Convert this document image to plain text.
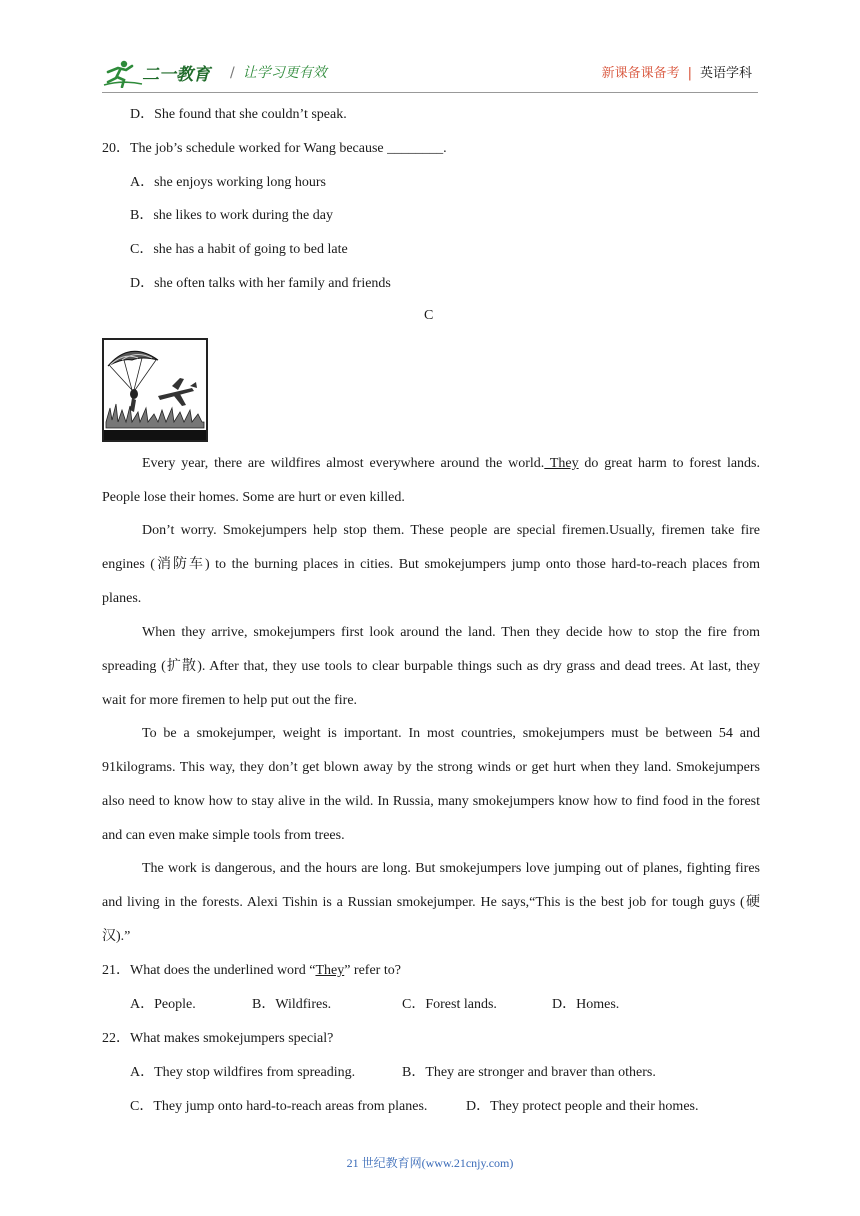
二一教育 / 让学习更有效	新课备课备考 | 英语学科
D．She found that she couldn’t speak.
20．The job’s schedule worked for Wang because ________.
A．she enjoys working long hours
B．she likes to work during the day
C．she has a habit of going to bed late
D．she often talks with her family and friends
C
Every year, there are wildfires almost everywhere around the world. They do great harm to forest lands. People lose their homes. Some are hurt or even killed.
Don’t worry. Smokejumpers help stop them. These people are special firemen.Usually, firemen take fire engines (消防车) to the burning places in cities. But smokejumpers jump onto those hard-to-reach places from planes.
When they arrive, smokejumpers first look around the land. Then they decide how to stop the fire from spreading (扩散). After that, they use tools to clear burpable things such as dry grass and dead trees. At last, they wait for more firemen to help put out the fire.
To be a smokejumper, weight is important. In most countries, smokejumpers must be between 54 and 91kilograms. This way, they don’t get blown away by the strong winds or get hurt when they land. Smokejumpers also need to know how to stay alive in the wild. In Russia, many smokejumpers know how to find food in the forest and can even make simple tools from trees.
The work is dangerous, and the hours are long. But smokejumpers love jumping out of planes, fighting fires and living in the forests. Alexi Tishin is a Russian smokejumper. He says,“This is the best job for tough guys (硬汉).”
21．What does the underlined word “They” refer to?
A．People.	B．Wildfires.	C．Forest lands.	D．Homes.
22．What makes smokejumpers special?
A．They stop wildfires from spreading.	B．They are stronger and braver than others.
C．They jump onto hard-to-reach areas from planes.	D．They protect people and their homes.
21 世纪教育网(www.21cnjy.com)
